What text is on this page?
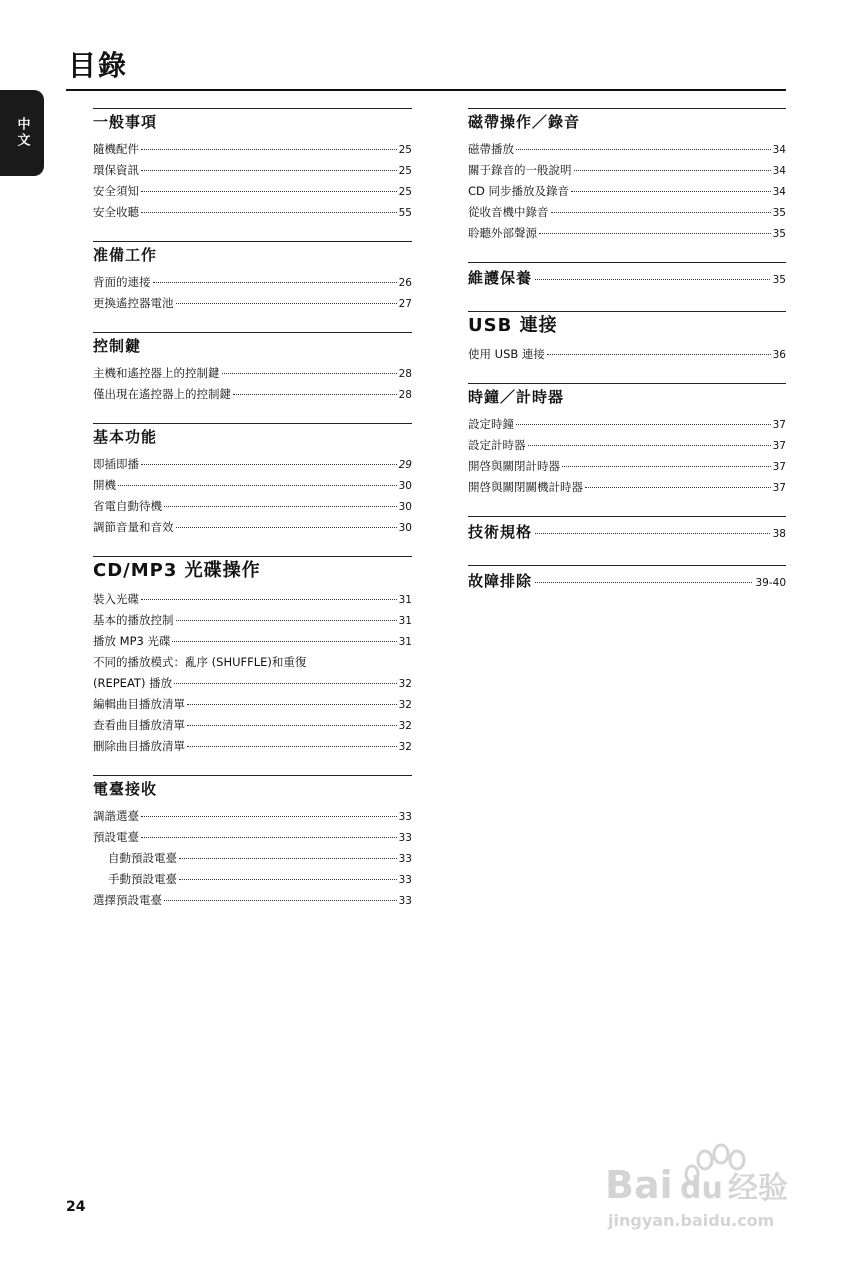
目錄
中文	一般事項
隨機配件	25
環保資訊	25
安全須知	25
安全收聽	55
准備工作
背面的連接	26
更換遙控器電池	27
控制鍵
主機和遙控器上的控制鍵	28
僅出現在遙控器上的控制鍵	28
基本功能
即插即播	29
開機	30
省電自動待機	30
調節音量和音效	30
CD/MP3 光碟操作
裝入光碟	31
基本的播放控制	31
播放 MP3 光碟	31
不同的播放模式：亂序 (SHUFFLE)和重復
(REPEAT) 播放	32
編輯曲目播放清單	32
查看曲目播放清單	32
刪除曲目播放清單	32
電臺接收
調諧選臺	33
預設電臺	33
自動預設電臺	33
手動預設電臺	33
選擇預設電臺	33
磁帶操作／錄音
磁帶播放	34
關于錄音的一般說明	34
CD 同步播放及錄音	34
從收音機中錄音	35
聆聽外部聲源	35
維護保養	35
USB 連接
使用 USB 連接	36
時鐘／計時器
設定時鐘	37
設定計時器	37
開啓與關閉計時器	37
開啓與關閉關機計時器	37
技術規格	38
故障排除	39-40
24	Bai du 经验
jingyan.baidu.com
